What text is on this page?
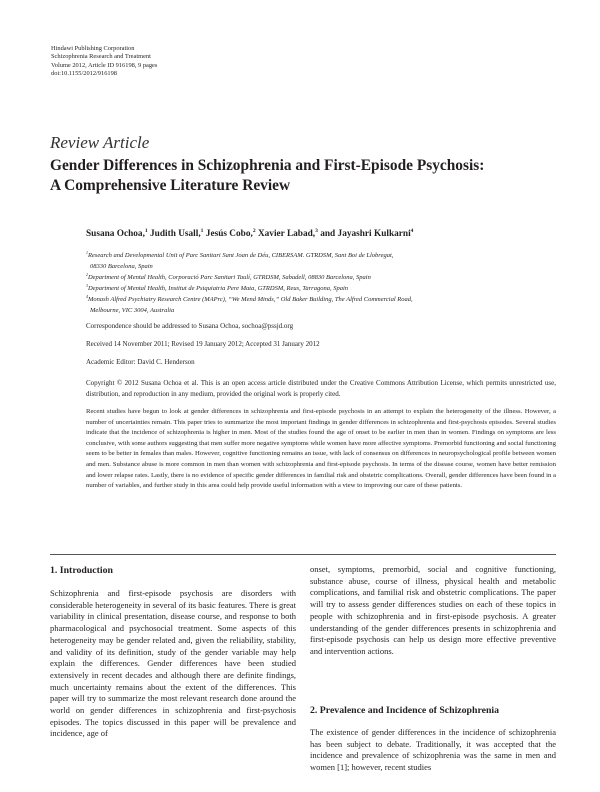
Hindawi Publishing Corporation
Schizophrenia Research and Treatment
Volume 2012, Article ID 916198, 9 pages
doi:10.1155/2012/916198
Review Article
Gender Differences in Schizophrenia and First-Episode Psychosis:
A Comprehensive Literature Review
Susana Ochoa,$^1$ Judith Usall,$^1$ Jesús Cobo,$^2$ Xavier Labad,$^3$ and Jayashri Kulkarni$^4$
$^1$Research and Developmental Unit of Parc Sanitari Sant Joan de Déu, CIBERSAM. GTRDSM, Sant Boi de Llobregat,
08330 Barcelona, Spain
$^2$Department of Mental Health, Corporació Parc Sanitari Taulí, GTRDSM, Sabadell, 08830 Barcelona, Spain
$^3$Department of Mental Health, Institut de Psiquiatria Pere Mata, GTRDSM, Reus, Tarragona, Spain
$^4$Monash Alfred Psychiatry Research Centre (MAPrc), “We Mend Minds,” Old Baker Building, The Alfred Commercial Road,
Melbourne, VIC 3004, Australia
Correspondence should be addressed to Susana Ochoa, sochoa@pssjd.org
Received 14 November 2011; Revised 19 January 2012; Accepted 31 January 2012
Academic Editor: David C. Henderson
Copyright © 2012 Susana Ochoa et al. This is an open access article distributed under the Creative Commons Attribution License, which permits unrestricted use, distribution, and reproduction in any medium, provided the original work is properly cited.
Recent studies have begun to look at gender differences in schizophrenia and first-episode psychosis in an attempt to explain the heterogeneity of the illness. However, a number of uncertainties remain. This paper tries to summarize the most important findings in gender differences in schizophrenia and first-psychosis episodes. Several studies indicate that the incidence of schizophrenia is higher in men. Most of the studies found the age of onset to be earlier in men than in women. Findings on symptoms are less conclusive, with some authors suggesting that men suffer more negative symptoms while women have more affective symptoms. Premorbid functioning and social functioning seem to be better in females than males. However, cognitive functioning remains an issue, with lack of consensus on differences in neuropsychological profile between women and men. Substance abuse is more common in men than women with schizophrenia and first-episode psychosis. In terms of the disease course, women have better remission and lower relapse rates. Lastly, there is no evidence of specific gender differences in familial risk and obstetric complications. Overall, gender differences have been found in a number of variables, and further study in this area could help provide useful information with a view to improving our care of these patients.
1. Introduction
Schizophrenia and first-episode psychosis are disorders with considerable heterogeneity in several of its basic features. There is great variability in clinical presentation, disease course, and response to both pharmacological and psychosocial treatment. Some aspects of this heterogeneity may be gender related and, given the reliability, stability, and validity of its definition, study of the gender variable may help explain the differences. Gender differences have been studied extensively in recent decades and although there are definite findings, much uncertainty remains about the extent of the differences. This paper will try to summarize the most relevant research done around the world on gender differences in schizophrenia and first-psychosis episodes. The topics discussed in this paper will be prevalence and incidence, age of
onset, symptoms, premorbid, social and cognitive functioning, substance abuse, course of illness, physical health and metabolic complications, and familial risk and obstetric complications. The paper will try to assess gender differences studies on each of these topics in people with schizophrenia and in first-episode psychosis. A greater understanding of the gender differences presents in schizophrenia and first-episode psychosis can help us design more effective preventive and intervention actions.
2. Prevalence and Incidence of Schizophrenia
The existence of gender differences in the incidence of schizophrenia has been subject to debate. Traditionally, it was accepted that the incidence and prevalence of schizophrenia was the same in men and women [1]; however, recent studies
